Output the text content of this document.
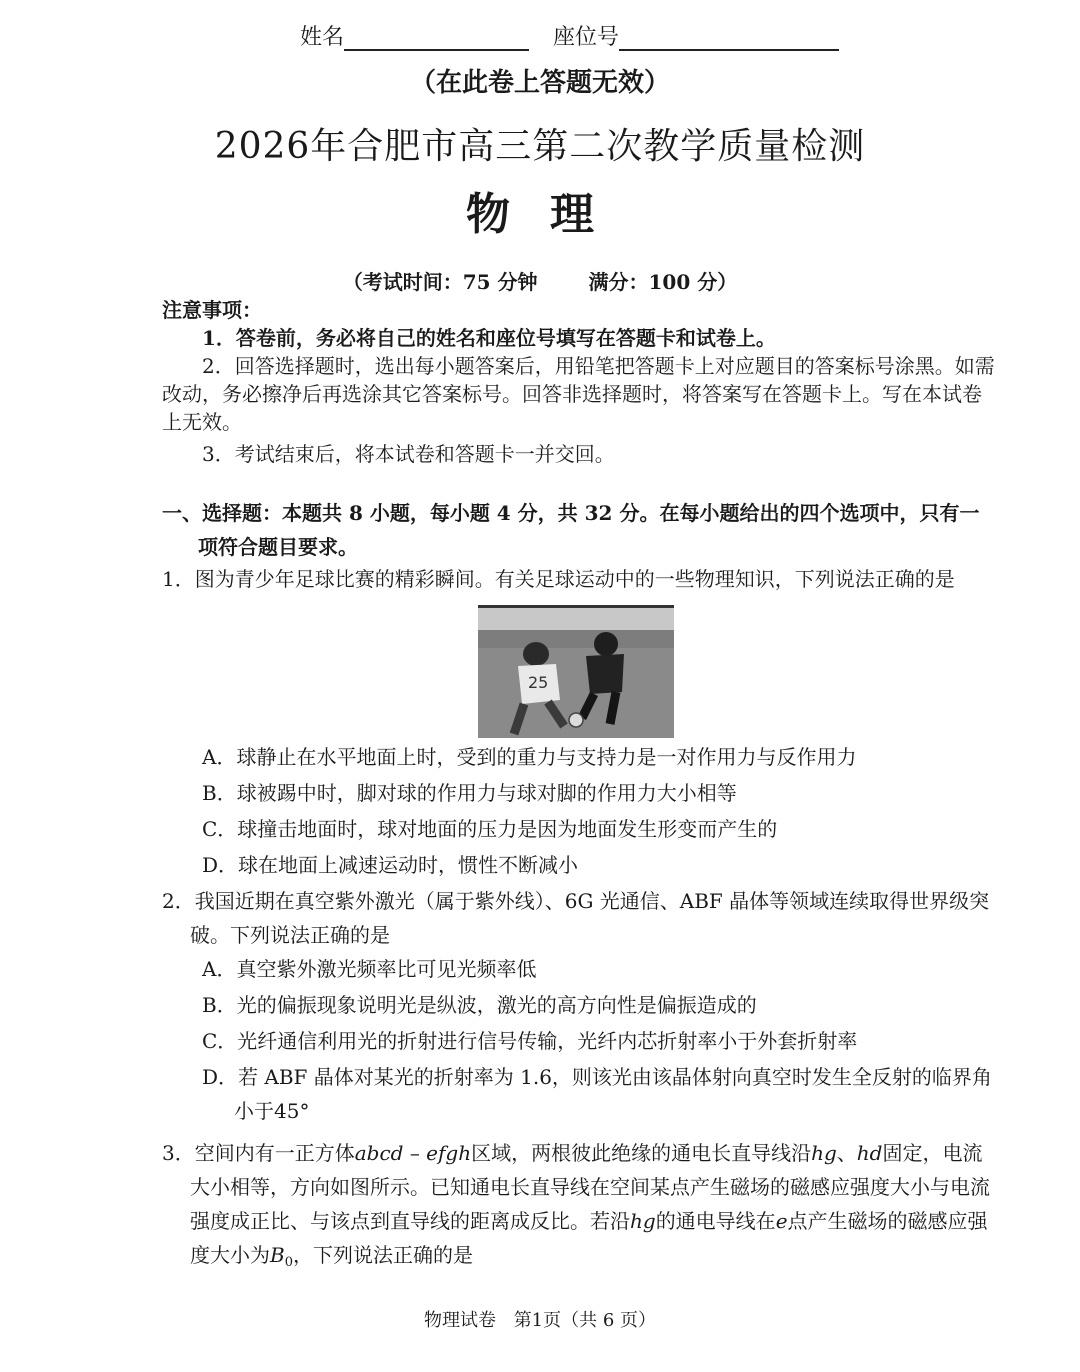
姓名	座位号
（在此卷上答题无效）
2026年合肥市高三第二次教学质量检测
物理
（考试时间：75 分钟	满分：100 分）
注意事项：
1．答卷前，务必将自己的姓名和座位号填写在答题卡和试卷上。
2．回答选择题时，选出每小题答案后，用铅笔把答题卡上对应题目的答案标号涂黑。如需改动，务必擦净后再选涂其它答案标号。回答非选择题时，将答案写在答题卡上。写在本试卷上无效。
3．考试结束后，将本试卷和答题卡一并交回。
一、选择题：本题共 8 小题，每小题 4 分，共 32 分。在每小题给出的四个选项中，只有一
项符合题目要求。
1．图为青少年足球比赛的精彩瞬间。有关足球运动中的一些物理知识，下列说法正确的是
25
A．球静止在水平地面上时，受到的重力与支持力是一对作用力与反作用力
B．球被踢中时，脚对球的作用力与球对脚的作用力大小相等
C．球撞击地面时，球对地面的压力是因为地面发生形变而产生的
D．球在地面上减速运动时，惯性不断减小
2．我国近期在真空紫外激光（属于紫外线）、6G 光通信、ABF 晶体等领域连续取得世界级突破。下列说法正确的是
A．真空紫外激光频率比可见光频率低
B．光的偏振现象说明光是纵波，激光的高方向性是偏振造成的
C．光纤通信利用光的折射进行信号传输，光纤内芯折射率小于外套折射率
D．若 ABF 晶体对某光的折射率为 1.6，则该光由该晶体射向真空时发生全反射的临界角小于45°
3．空间内有一正方体abcd – efgh区域，两根彼此绝缘的通电长直导线沿hg、hd固定，电流大小相等，方向如图所示。已知通电长直导线在空间某点产生磁场的磁感应强度大小与电流强度成正比、与该点到直导线的距离成反比。若沿hg的通电导线在e点产生磁场的磁感应强度大小为$B_0$，下列说法正确的是
物理试卷 第1页（共 6 页）
